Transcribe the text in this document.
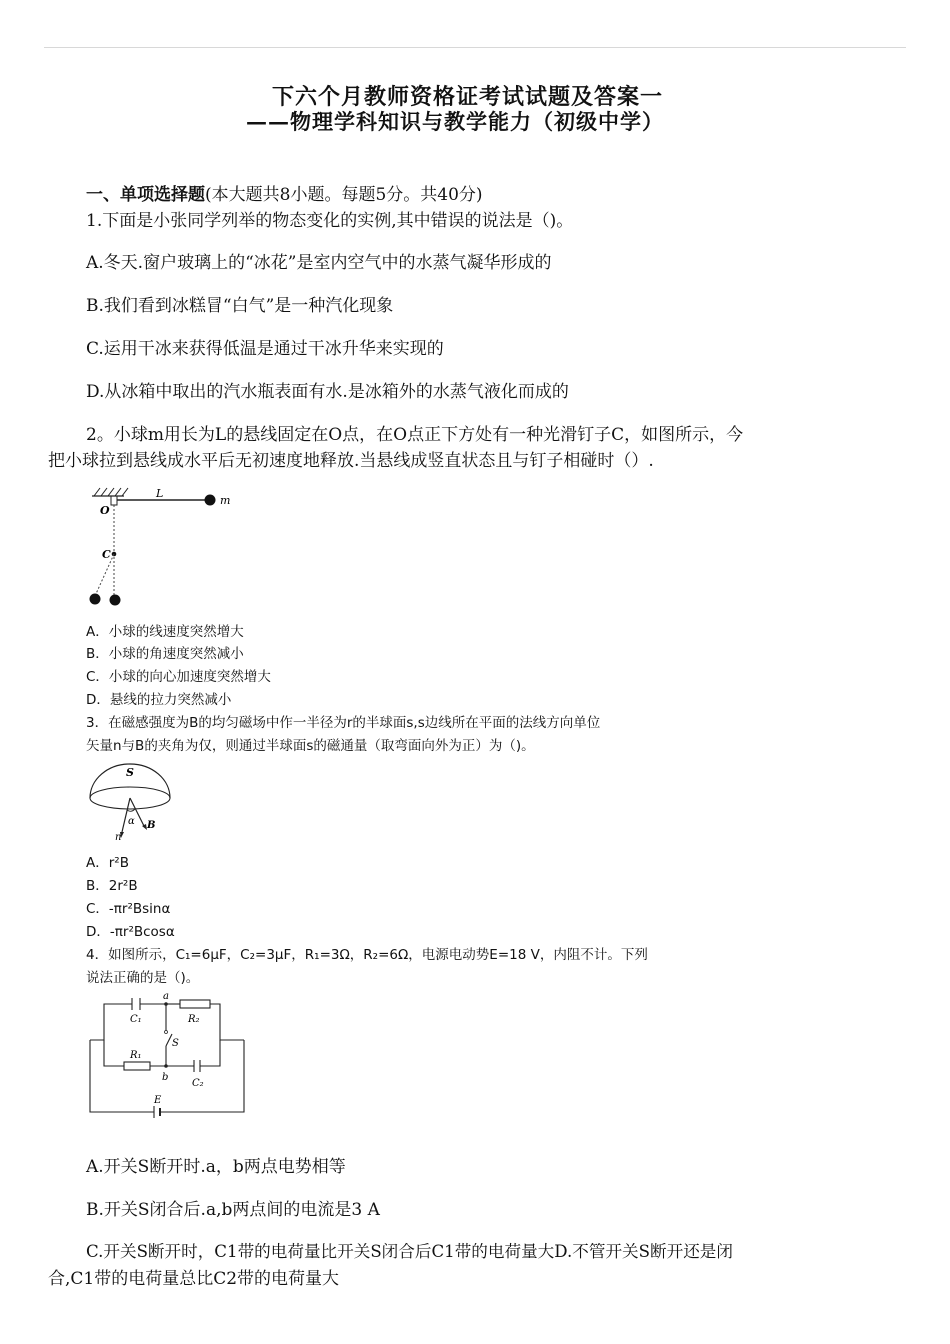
下六个月教师资格证考试试题及答案一
——物理学科知识与教学能力（初级中学）
一、单项选择题(本大题共8小题。每题5分。共40分)
1.下面是小张同学列举的物态变化的实例,其中错误的说法是（)。
A.冬天.窗户玻璃上的“冰花”是室内空气中的水蒸气凝华形成的
B.我们看到冰糕冒“白气”是一种汽化现象
C.运用干冰来获得低温是通过干冰升华来实现的
D.从冰箱中取出的汽水瓶表面有水.是冰箱外的水蒸气液化而成的
2。小球m用长为L的悬线固定在O点，在O点正下方处有一种光滑钉子C，如图所示，今
把小球拉到悬线成水平后无初速度地释放.当悬线成竖直状态且与钉子相碰时（）.
L
O
m
C
A．小球的线速度突然增大
B．小球的角速度突然减小
C．小球的向心加速度突然增大
D．悬线的拉力突然减小
3．在磁感强度为B的均匀磁场中作一半径为r的半球面s,s边线所在平面的法线方向单位
矢量n与B的夹角为仅，则通过半球面s的磁通量（取弯面向外为正）为（)。
S
α
n
B
A．r²B
B．2r²B
C．-πr²Bsinα
D．-πr²Bcosα
4．如图所示，C₁=6μF，C₂=3μF，R₁=3Ω，R₂=6Ω，电源电动势E=18 V，内阻不计。下列
说法正确的是（)。
C₁
a
R₂
S
R₁
b
C₂
E
A.开关S断开时.a，b两点电势相等
B.开关S闭合后.a,b两点间的电流是3 A
C.开关S断开时，C1带的电荷量比开关S闭合后C1带的电荷量大D.不管开关S断开还是闭
合,C1带的电荷量总比C2带的电荷量大
